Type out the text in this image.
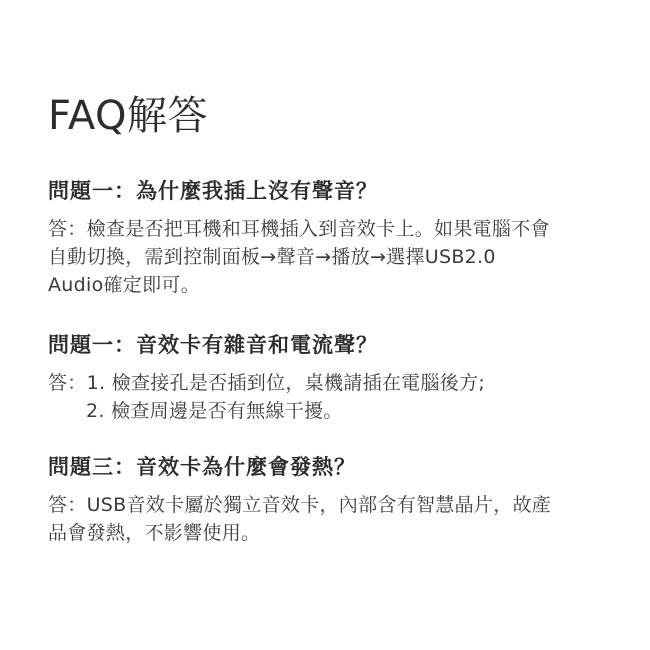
FAQ解答
問題一：為什麼我插上沒有聲音？
答：檢查是否把耳機和耳機插入到音效卡上。如果電腦不會
自動切換，需到控制面板→聲音→播放→選擇USB2.0
Audio確定即可。
問題一：音效卡有雜音和電流聲？
答：1. 檢查接孔是否插到位，桌機請插在電腦後方;
2. 檢查周邊是否有無線干擾。
問題三：音效卡為什麼會發熱？
答：USB音效卡屬於獨立音效卡，內部含有智慧晶片，故產
品會發熱，不影響使用。
